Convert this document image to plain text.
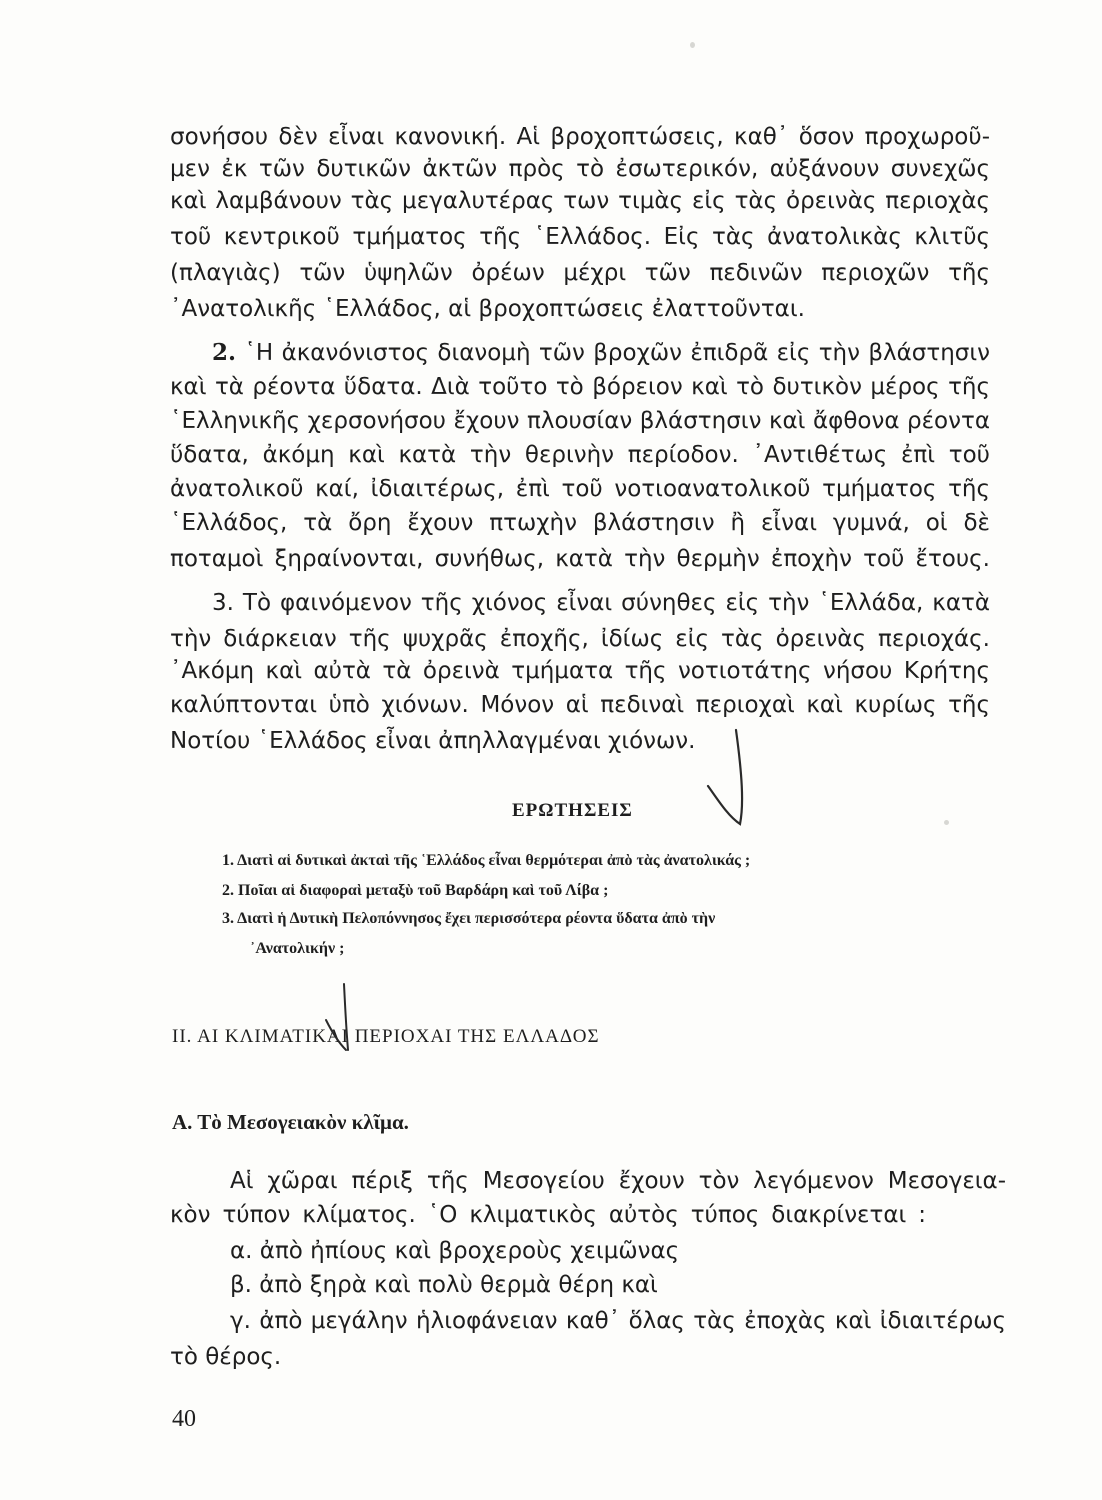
σονήσου δὲν εἶναι κανονική. Αἱ βροχοπτώσεις, καθ᾿ ὅσον προχωροῦ-
μεν ἐκ τῶν δυτικῶν ἀκτῶν πρὸς τὸ ἐσωτερικόν, αὐξάνουν συνεχῶς
καὶ λαμβάνουν τὰς μεγαλυτέρας των τιμὰς εἰς τὰς ὀρεινὰς περιοχὰς
τοῦ κεντρικοῦ τμήματος τῆς ῾Ελλάδος. Εἰς τὰς ἀνατολικὰς κλιτῦς
(πλαγιὰς) τῶν ὑψηλῶν ὀρέων μέχρι τῶν πεδινῶν περιοχῶν τῆς
᾿Ανατολικῆς ῾Ελλάδος, αἱ βροχοπτώσεις ἐλαττοῦνται.
2. ῾Η ἀκανόνιστος διανομὴ τῶν βροχῶν ἐπιδρᾶ εἰς τὴν βλάστησιν
καὶ τὰ ρέοντα ὕδατα. Διὰ τοῦτο τὸ βόρειον καὶ τὸ δυτικὸν μέρος τῆς
῾Ελληνικῆς χερσονήσου ἔχουν πλουσίαν βλάστησιν καὶ ἄφθονα ρέοντα
ὕδατα, ἀκόμη καὶ κατὰ τὴν θερινὴν περίοδον. ᾿Αντιθέτως ἐπὶ τοῦ
ἀνατολικοῦ καί, ἰδιαιτέρως, ἐπὶ τοῦ νοτιοανατολικοῦ τμήματος τῆς
῾Ελλάδος, τὰ ὄρη ἔχουν πτωχὴν βλάστησιν ἢ εἶναι γυμνά, οἱ δὲ
ποταμοὶ ξηραίνονται, συνήθως, κατὰ τὴν θερμὴν ἐποχὴν τοῦ ἔτους.
3. Τὸ φαινόμενον τῆς χιόνος εἶναι σύνηθες εἰς τὴν ῾Ελλάδα, κατὰ
τὴν διάρκειαν τῆς ψυχρᾶς ἐποχῆς, ἰδίως εἰς τὰς ὀρεινὰς περιοχάς.
᾿Ακόμη καὶ αὐτὰ τὰ ὀρεινὰ τμήματα τῆς νοτιοτάτης νήσου Κρήτης
καλύπτονται ὑπὸ χιόνων. Μόνον αἱ πεδιναὶ περιοχαὶ καὶ κυρίως τῆς
Νοτίου ῾Ελλάδος εἶναι ἀπηλλαγμέναι χιόνων.
ΕΡΩΤΗΣΕΙΣ
1. Διατὶ αἱ δυτικαὶ ἀκταὶ τῆς ῾Ελλάδος εἶναι θερμότεραι ἀπὸ τὰς ἀνατολικάς ;
2. Ποῖαι αἱ διαφοραὶ μεταξὺ τοῦ Βαρδάρη καὶ τοῦ Λίβα ;
3. Διατὶ ἡ Δυτικὴ Πελοπόννησος ἔχει περισσότερα ρέοντα ὕδατα ἀπὸ τὴν
᾿Ανατολικήν ;
ΙΙ. ΑΙ ΚΛΙΜΑΤΙΚΑΙ ΠΕΡΙΟΧΑΙ ΤΗΣ ΕΛΛΑΔΟΣ
Α. Τὸ Μεσογειακὸν κλῖμα.
Αἱ χῶραι πέριξ τῆς Μεσογείου ἔχουν τὸν λεγόμενον Μεσογεια-
κὸν τύπον κλίματος. ῾Ο κλιματικὸς αὐτὸς τύπος διακρίνεται :
α. ἀπὸ ἠπίους καὶ βροχεροὺς χειμῶνας
β. ἀπὸ ξηρὰ καὶ πολὺ θερμὰ θέρη καὶ
γ. ἀπὸ μεγάλην ἡλιοφάνειαν καθ᾿ ὅλας τὰς ἐποχὰς καὶ ἰδιαιτέρως
τὸ θέρος.
40
